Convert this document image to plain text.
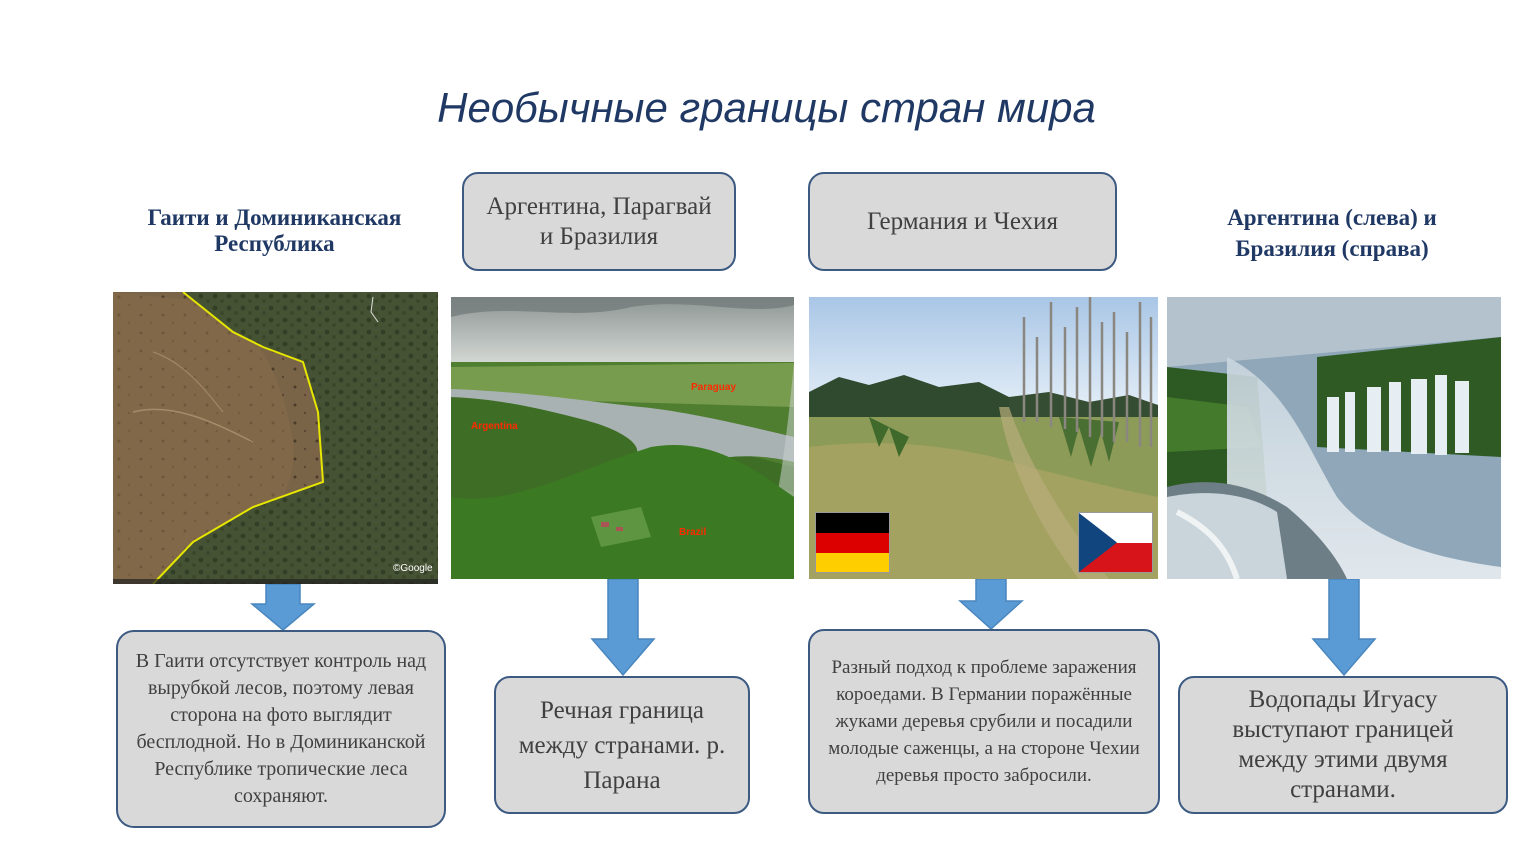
Необычные границы стран мира
Гаити и Доминиканская Республика
©Google
В Гаити отсутствует контроль над вырубкой лесов, поэтому левая сторона на фото выглядит бесплодной. Но в Доминиканской Республике тропические леса сохраняют.
Аргентина, Парагвай и Бразилия
Paraguay
Argentina
Brazil
Речная граница между странами. р. Парана
Германия и Чехия
Разный подход к проблеме заражения короедами. В Германии поражённые жуками деревья срубили и посадили молодые саженцы, а на стороне Чехии деревья просто забросили.
Аргентина (слева) и Бразилия (справа)
Водопады Игуасу выступают границей между этими двумя странами.
